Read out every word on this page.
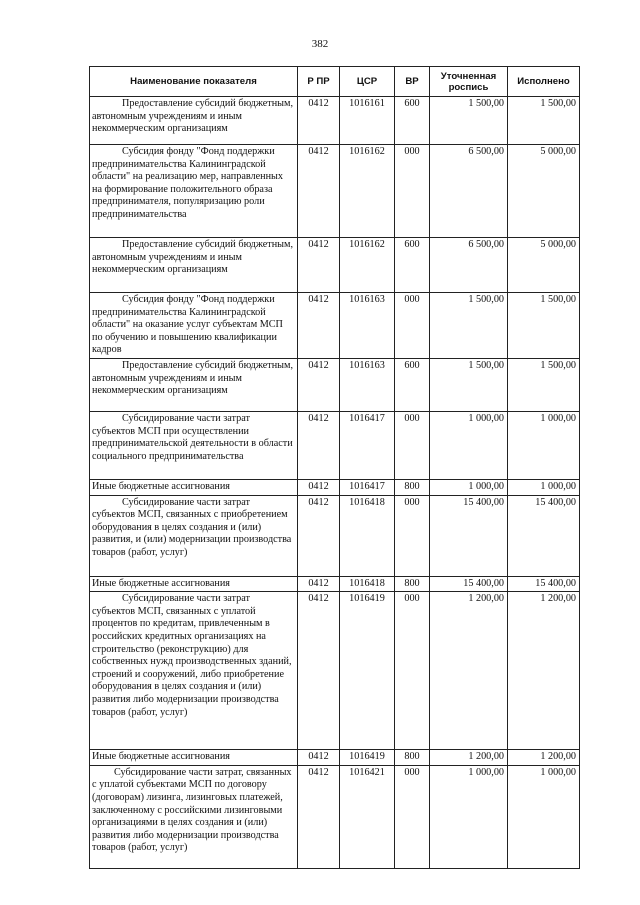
382
Наименование показателя	Р ПР	ЦСР	ВР	Уточненная роспись	Исполнено
Предоставление субсидий бюджетным, автономным учреждениям и иным некоммерческим организациям	0412	1016161	600	1 500,00	1 500,00
Субсидия фонду "Фонд поддержки предпринимательства Калининградской области" на реализацию мер, направленных на формирование положительного образа предпринимателя, популяризацию роли предпринимательства	0412	1016162	000	6 500,00	5 000,00
Предоставление субсидий бюджетным, автономным учреждениям и иным некоммерческим организациям	0412	1016162	600	6 500,00	5 000,00
Субсидия фонду "Фонд поддержки предпринимательства Калининградской области" на оказание услуг субъектам МСП по обучению и повышению квалификации кадров	0412	1016163	000	1 500,00	1 500,00
Предоставление субсидий бюджетным, автономным учреждениям и иным некоммерческим организациям	0412	1016163	600	1 500,00	1 500,00
Субсидирование части затрат субъектов МСП при осуществлении предпринимательской деятельности в области социального предпринимательства	0412	1016417	000	1 000,00	1 000,00
Иные бюджетные ассигнования	0412	1016417	800	1 000,00	1 000,00
Субсидирование части затрат субъектов МСП, связанных с приобретением оборудования в целях создания и (или) развития, и (или) модернизации производства товаров (работ, услуг)	0412	1016418	000	15 400,00	15 400,00
Иные бюджетные ассигнования	0412	1016418	800	15 400,00	15 400,00
Субсидирование части затрат субъектов МСП, связанных с уплатой процентов по кредитам, привлеченным в российских кредитных организациях на строительство (реконструкцию) для собственных нужд производственных зданий, строений и сооружений, либо приобретение оборудования в целях создания и (или) развития либо модернизации производства товаров (работ, услуг)	0412	1016419	000	1 200,00	1 200,00
Иные бюджетные ассигнования	0412	1016419	800	1 200,00	1 200,00
Субсидирование части затрат, связанных с уплатой субъектами МСП по договору (договорам) лизинга, лизинговых платежей, заключенному с российскими лизинговыми организациями в целях создания и (или) развития либо модернизации производства товаров (работ, услуг)	0412	1016421	000	1 000,00	1 000,00
